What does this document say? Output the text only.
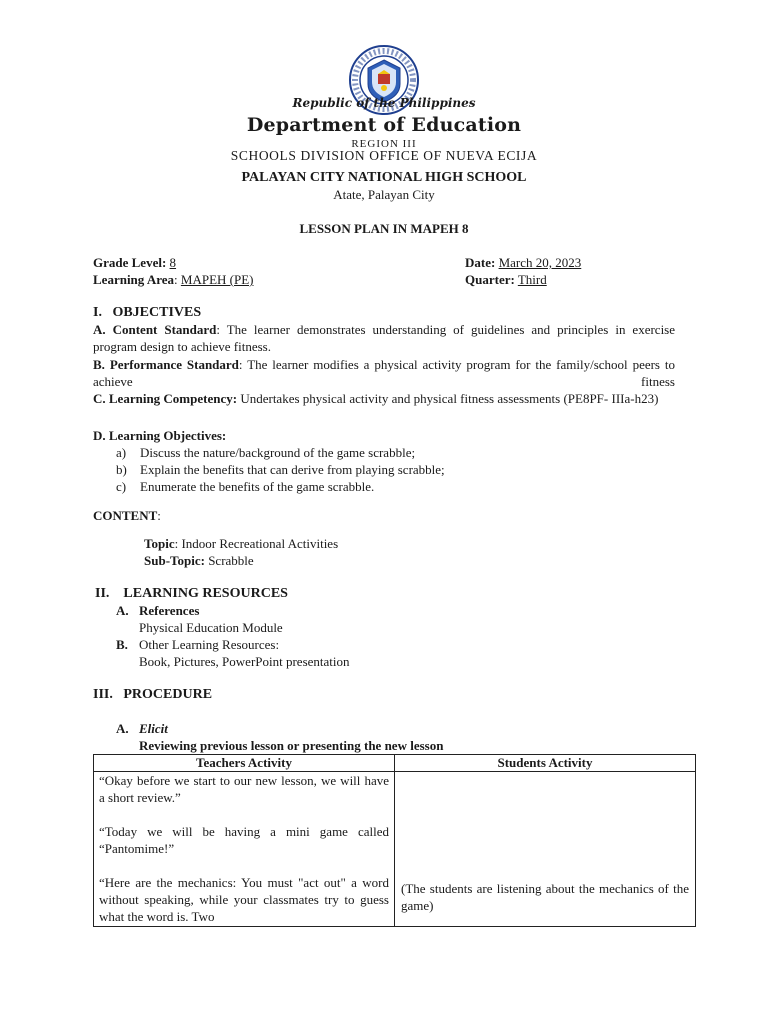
Republic of the Philippines
Department of Education
REGION III
SCHOOLS DIVISION OFFICE OF NUEVA ECIJA
PALAYAN CITY NATIONAL HIGH SCHOOL
Atate, Palayan City
LESSON PLAN IN MAPEH 8
Grade Level: 8
Learning Area: MAPEH (PE)
Date: March 20, 2023
Quarter: Third
I. OBJECTIVES
A. Content Standard: The learner demonstrates understanding of guidelines and principles in exercise program design to achieve fitness.
B. Performance Standard: The learner modifies a physical activity program for the family/school peers to achieve fitness
C. Learning Competency: Undertakes physical activity and physical fitness assessments (PE8PF- IIIa-h23)
D. Learning Objectives:
a) Discuss the nature/background of the game scrabble;
b) Explain the benefits that can derive from playing scrabble;
c) Enumerate the benefits of the game scrabble.
CONTENT:
Topic: Indoor Recreational Activities
Sub-Topic: Scrabble
II. LEARNING RESOURCES
A. References
Physical Education Module
B. Other Learning Resources:
Book, Pictures, PowerPoint presentation
III. PROCEDURE
A. Elicit
Reviewing previous lesson or presenting the new lesson
Teachers Activity	Students Activity

“Okay before we start to our new lesson, we will have a short review.”
“Today we will be having a mini game called “Pantomime!”
“Here are the mechanics: You must "act out" a word without speaking, while your classmates try to guess what the word is. Two	(The students are listening about the mechanics of the game)
